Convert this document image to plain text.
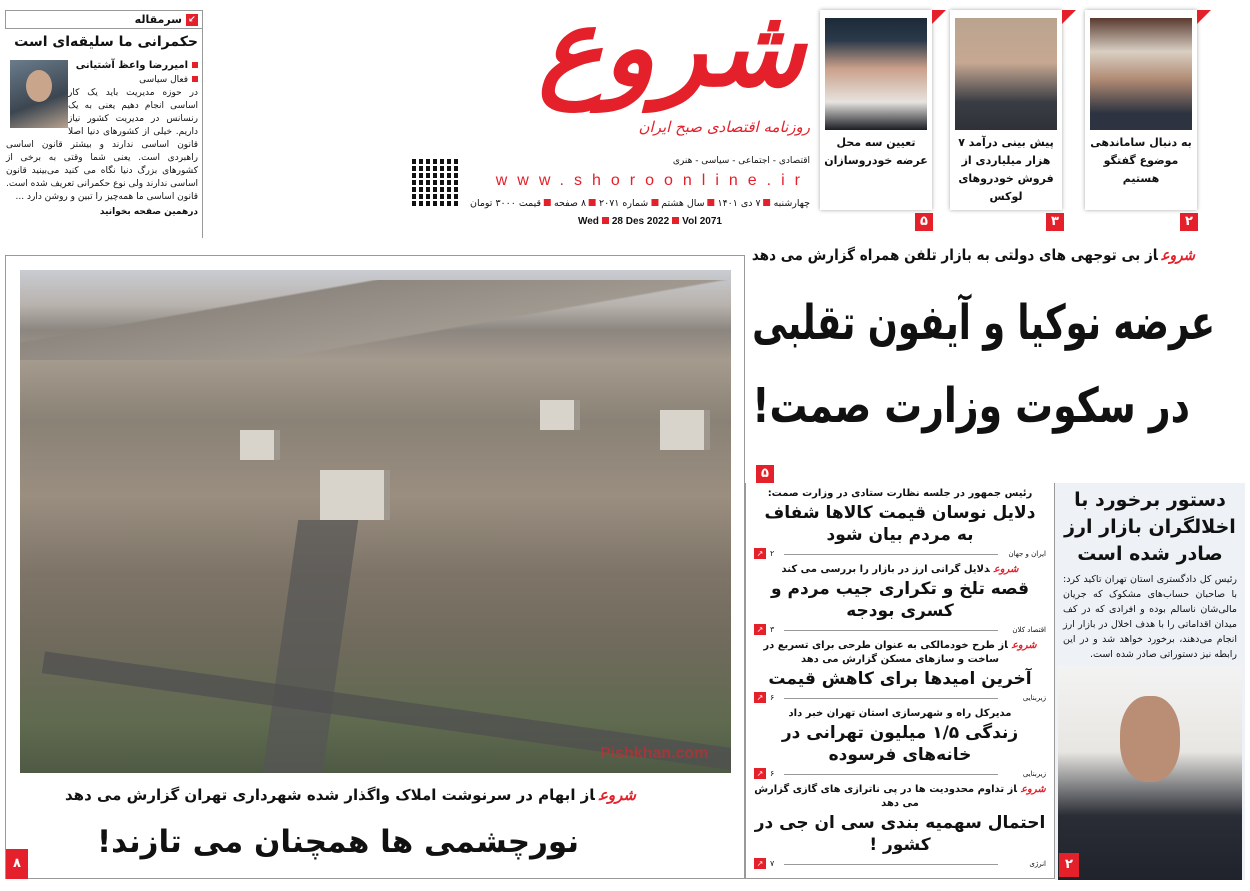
↙
سرمقاله
حکمرانی ما سلیقه‌ای است
امیررضا واعظ آشتیانی
فعال سیاسی
در حوزه مدیریت باید یک کار اساسی انجام دهیم یعنی به یک رنسانس در مدیریت کشور نیاز داریم. خیلی از کشورهای دنیا اصلا قانون اساسی ندارند و بیشتر قانون اساسی راهبردی است. یعنی شما وقتی به برخی از کشورهای بزرگ دنیا نگاه می کنید می‌بینید قانون اساسی ندارند ولی نوع حکمرانی تعریف شده است. قانون اساسی ما همه‌چیز را تبین و روشن دارد ...
درهمین صفحه بخوانید
شروع
روزنامه اقتصادی صبح ایران
اقتصادی - اجتماعی - سیاسی - هنری
www.shoroonline.ir
چهارشنبه۷ دی ۱۴۰۱سال هشتمشماره ۲۰۷۱۸ صفحهقیمت ۳۰۰۰ تومان
Wed 28 Des 2022 Vol 2071
به دنبال ساماندهی موضوع گفتگو هستیم
۲
پیش بینی درآمد ۷ هزار میلیاردی از فروش خودروهای لوکس
۳
تعیین سه محل عرضه خودروسازان
۵
شروعاز بی توجهی های دولتی به بازار تلفن همراه گزارش می دهد
عرضه نوکیا و آیفون تقلبی
در سکوت وزارت صمت!
۵
شروعاز ابهام در سرنوشت املاک واگذار شده شهرداری تهران گزارش می دهد
نورچشمی ها همچنان می تازند!
۸
Pishkhan.com
رئیس جمهور در جلسه نظارت ستادی در وزارت صمت:
دلایل نوسان قیمت کالاها شفاف به مردم بیان شود
ایران و جهان
۲
↗
شروعدلایل گرانی ارز در بازار را بررسی می کند
قصه تلخ و تکراری جیب مردم و کسری بودجه
اقتصاد کلان
۳
↗
شروعاز طرح خودمالکی به عنوان طرحی برای تسریع در ساخت و سازهای مسکن گزارش می دهد
آخرین امیدها برای کاهش قیمت
زیربنایی
۶
↗
مدیرکل راه و شهرسازی استان تهران خبر داد
زندگی ۱/۵ میلیون تهرانی در خانه‌های فرسوده
زیربنایی
۶
↗
شروعاز تداوم محدودیت ها در پی ناترازی های گازی گزارش می دهد
احتمال سهمیه بندی سی ان جی در کشور !
انرژی
۷
↗
دستور برخورد با اخلالگران بازار ارز صادر شده است
رئیس کل دادگستری استان تهران تاکید کرد: با صاحبان حساب‌های مشکوک که جریان مالی‌شان ناسالم بوده و افرادی که در کف میدان اقداماتی را با هدف اخلال در بازار ارز انجام می‌دهند، برخورد خواهد شد و در این رابطه نیز دستوراتی صادر شده است.
۲
